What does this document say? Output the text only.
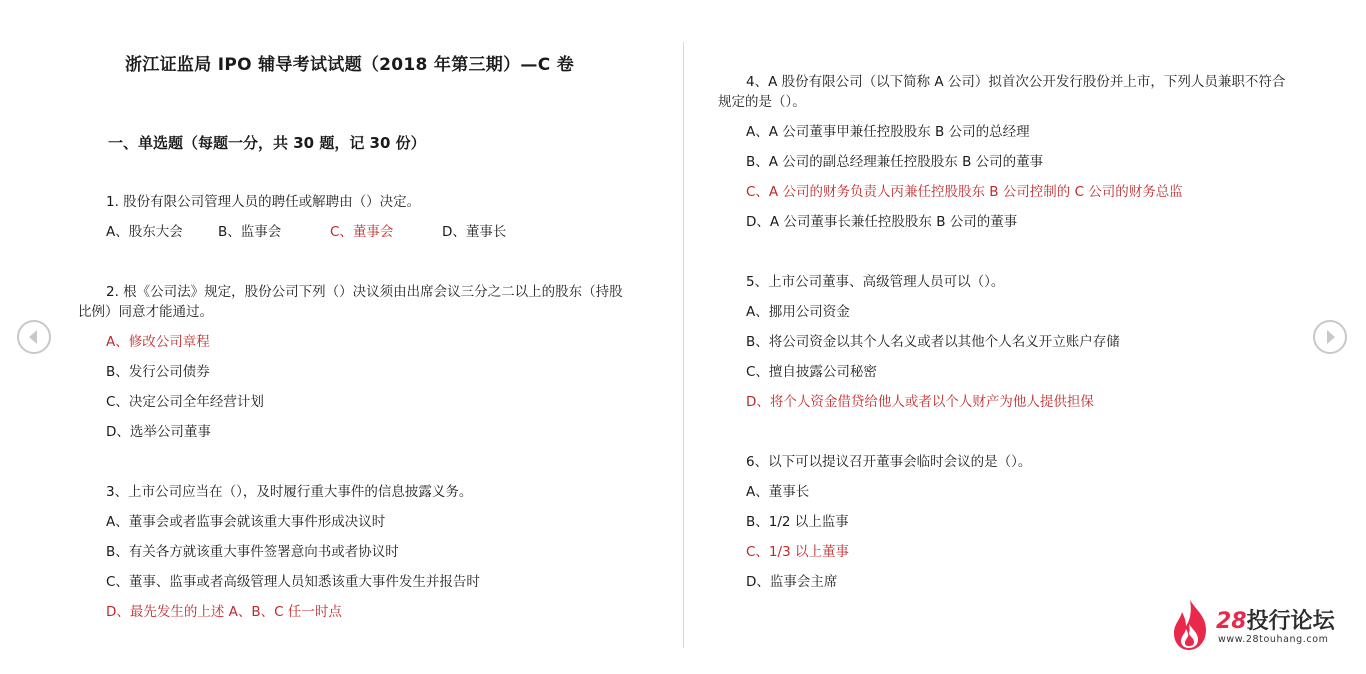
浙江证监局 IPO 辅导考试试题（2018 年第三期）—C 卷
一、单选题（每题一分，共 30 题，记 30 份）
1. 股份有限公司管理人员的聘任或解聘由（）决定。
A、股东大会	B、监事会	C、董事会	D、董事长
2. 根《公司法》规定，股份公司下列（）决议须由出席会议三分之二以上的股东（持股
比例）同意才能通过。
A、修改公司章程
B、发行公司债券
C、决定公司全年经营计划
D、选举公司董事
3、上市公司应当在（），及时履行重大事件的信息披露义务。
A、董事会或者监事会就该重大事件形成决议时
B、有关各方就该重大事件签署意向书或者协议时
C、董事、监事或者高级管理人员知悉该重大事件发生并报告时
D、最先发生的上述 A、B、C 任一时点
4、A 股份有限公司（以下简称 A 公司）拟首次公开发行股份并上市，下列人员兼职不符合
规定的是（）。
A、A 公司董事甲兼任控股股东 B 公司的总经理
B、A 公司的副总经理兼任控股股东 B 公司的董事
C、A 公司的财务负责人丙兼任控股股东 B 公司控制的 C 公司的财务总监
D、A 公司董事长兼任控股股东 B 公司的董事
5、上市公司董事、高级管理人员可以（）。
A、挪用公司资金
B、将公司资金以其个人名义或者以其他个人名义开立账户存储
C、擅自披露公司秘密
D、将个人资金借贷给他人或者以个人财产为他人提供担保
6、以下可以提议召开董事会临时会议的是（）。
A、董事长
B、1/2 以上监事
C、1/3 以上董事
D、监事会主席
28投行论坛
www.28touhang.com
